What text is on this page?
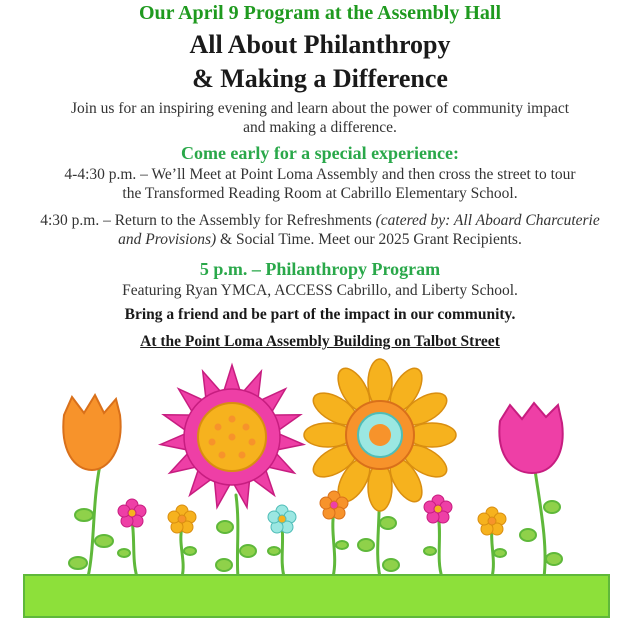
Our April 9 Program at the Assembly Hall
All About Philanthropy
& Making a Difference
Join us for an inspiring evening and learn about the power of community impact
and making a difference.
Come early for a special experience:
4-4:30 p.m. – We’ll Meet at Point Loma Assembly and then cross the street to tour
the Transformed Reading Room at Cabrillo Elementary School.
4:30 p.m. – Return to the Assembly for Refreshments (catered by: All Aboard Charcuterie
and Provisions) & Social Time. Meet our 2025 Grant Recipients.
5 p.m. – Philanthropy Program
Featuring Ryan YMCA, ACCESS Cabrillo, and Liberty School.
Bring a friend and be part of the impact in our community.
At the Point Loma Assembly Building on Talbot Street
